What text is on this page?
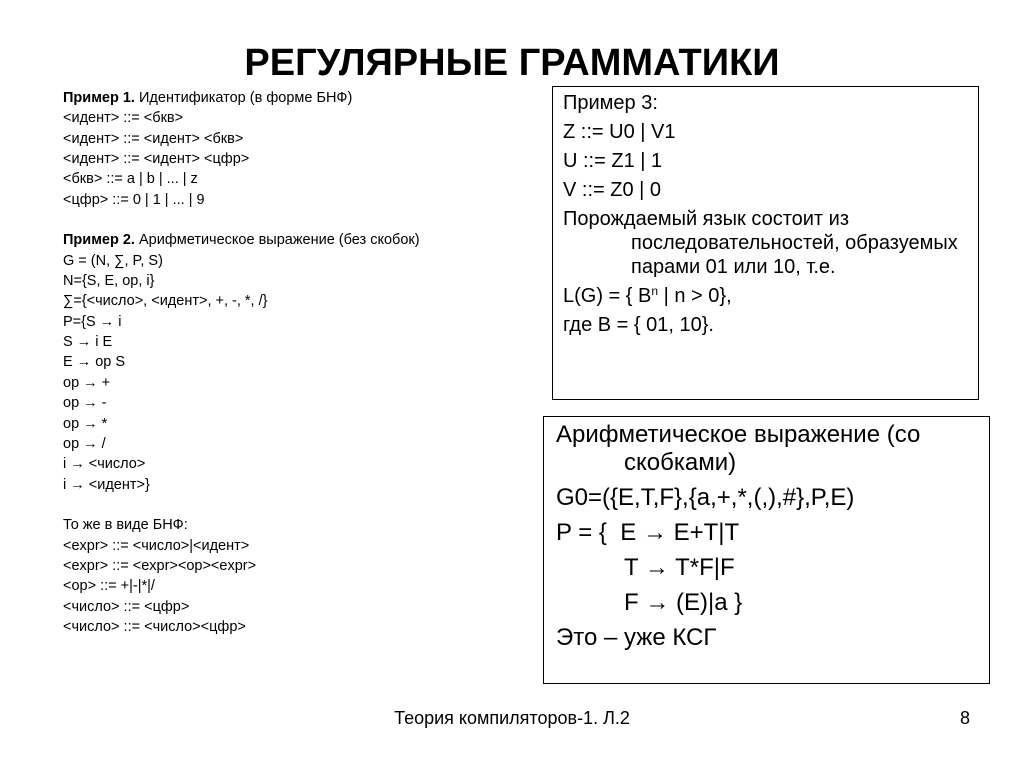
РЕГУЛЯРНЫЕ ГРАММАТИКИ
Пример 1. Идентификатор (в форме БНФ)
<идент> ::= <бкв>
<идент> ::= <идент> <бкв>
<идент> ::= <идент> <цфр>
<бкв> ::= a | b | ... | z
<цфр> ::= 0 | 1 | ... | 9
Пример 2. Арифметическое выражение (без скобок)
G = (N, ∑, P, S)
N={S, E, op, i}
∑={<число>, <идент>, +, -, *, /}
P={S → i
S → i E
E → op S
op → +
op → -
op → *
op → /
i → <число>
i → <идент>}
То же в виде БНФ:
<expr> ::= <число>|<идент>
<expr> ::= <expr><op><expr>
<op> ::= +|-|*|/
<число> ::= <цфр>
<число> ::= <число><цфр>
Пример 3:
Z ::= U0 | V1
U ::= Z1 | 1
V ::= Z0 | 0
Порождаемый язык состоит из последовательностей, образуемых парами 01 или 10, т.е.
L(G) = { $B^n$ | n > 0},
где B = { 01, 10}.
Арифметическое выражение (со скобками)
G0=({E,T,F},{a,+,*,(,),#},P,E)
P = {  E → E+T|T
T → T*F|F
F → (E)|a }
Это – уже КСГ
Теория компиляторов-1. Л.2	8
